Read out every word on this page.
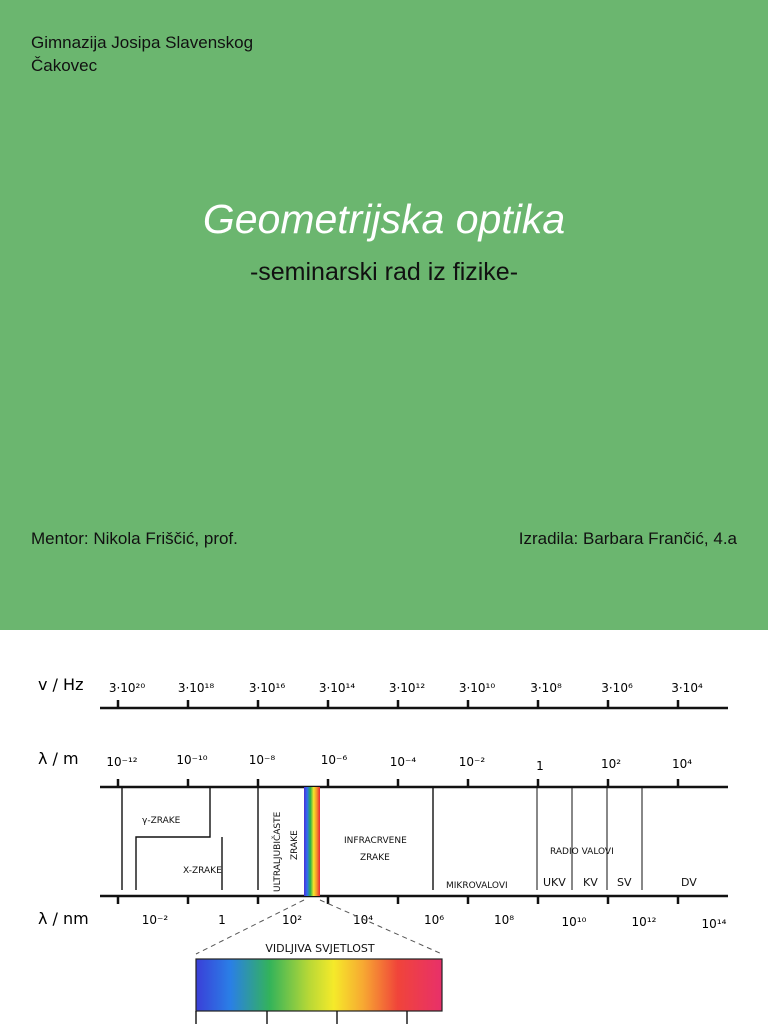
Gimnazija Josipa Slavenskog
Čakovec
Geometrijska optika
-seminarski rad iz fizike-
Mentor: Nikola Friščić, prof.	Izradila: Barbara Frančić, 4.a
v / Hz 3·10²⁰	3·10¹⁸	3·10¹⁶	3·10¹⁴	3·10¹²	3·10¹⁰	3·10⁸	3·10⁶	3·10⁴
λ / m 10⁻¹²	10⁻¹⁰	10⁻⁸	10⁻⁶	10⁻⁴	10⁻²	1	10²	10⁴
γ-ZRAKE
X-ZRAKE	ULTRALJUBIČASTE ZRAKE	INFRACRVENE
ZRAKE
MIKROVALOVI
RADIO VALOVI
UKV KV SV	DV
λ / nm	10⁻²	1	10²	10⁴	10⁶	10⁸	10¹⁰	10¹²	10¹⁴
VIDLJIVA SVJETLOST
